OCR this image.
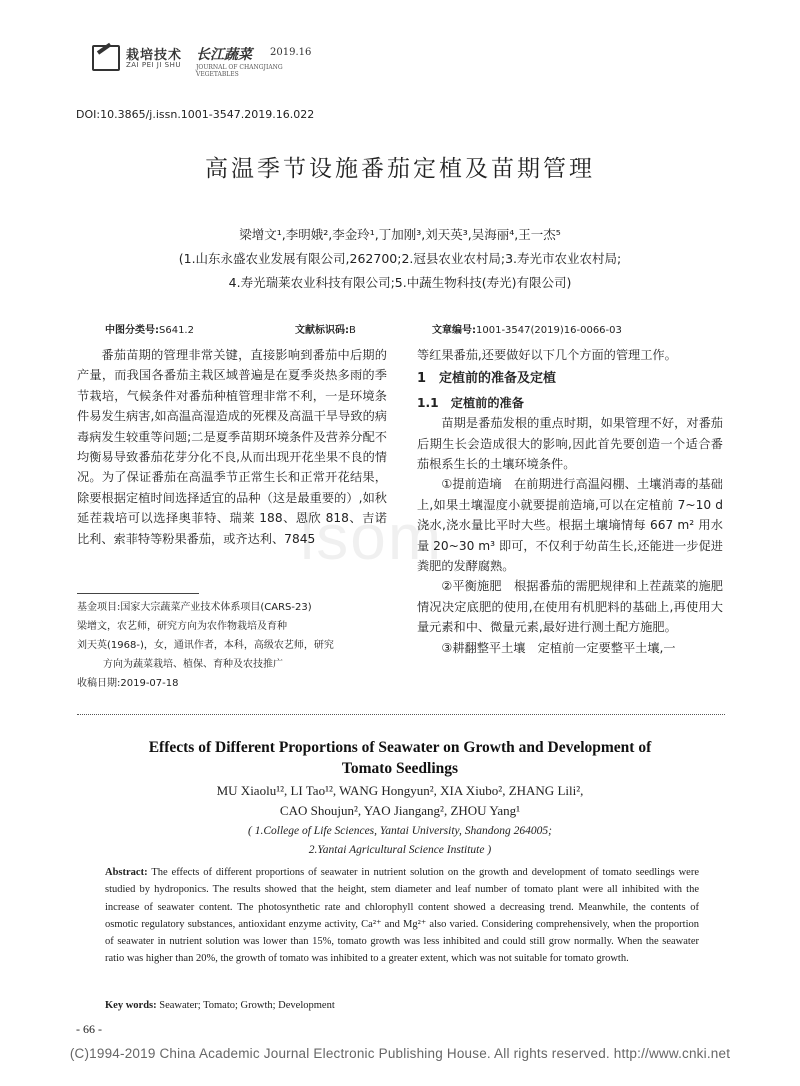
栽培技术
ZAI PEI JI SHU
长江蔬菜 2019.16
JOURNAL OF CHANGJIANG VEGETABLES
DOI:10.3865/j.issn.1001-3547.2019.16.022
高温季节设施番茄定植及苗期管理
梁增文¹,李明娥²,李金玲¹,丁加刚³,刘天英³,吴海丽⁴,王一杰⁵
(1.山东永盛农业发展有限公司,262700;2.冠县农业农村局;3.寿光市农业农村局;
4.寿光瑞莱农业科技有限公司;5.中蔬生物科技(寿光)有限公司)
中图分类号:S641.2	文献标识码:B	文章编号:1001-3547(2019)16-0066-03
lsom

番茄苗期的管理非常关键，直接影响到番茄中后期的产量，而我国各番茄主栽区域普遍是在夏季炎热多雨的季节栽培，气候条件对番茄种植管理非常不利，一是环境条件易发生病害,如高温高湿造成的死棵及高温干旱导致的病毒病发生较重等问题;二是夏季苗期环境条件及营养分配不均衡易导致番茄花芽分化不良,从而出现开花坐果不良的情况。为了保证番茄在高温季节正常生长和正常开花结果，除要根据定植时间选择适宜的品种（这是最重要的）,如秋延茬栽培可以选择奥菲特、瑞莱 188、恩欣 818、吉诺比利、索菲特等粉果番茄，或齐达利、7845

基金项目:国家大宗蔬菜产业技术体系项目(CARS-23)
梁增文，农艺师，研究方向为农作物栽培及育种
刘天英(1968-)，女，通讯作者，本科，高级农艺师，研究
方向为蔬菜栽培、植保、育种及农技推广
收稿日期:2019-07-18

等红果番茄,还要做好以下几个方面的管理工作。

1　定植前的准备及定植
1.1　定植前的准备

苗期是番茄发根的重点时期，如果管理不好，对番茄后期生长会造成很大的影响,因此首先要创造一个适合番茄根系生长的土壤环境条件。

①提前造墒　在前期进行高温闷棚、土壤消毒的基础上,如果土壤湿度小就要提前造墒,可以在定植前 7~10 d 浇水,浇水量比平时大些。根据土壤墒情每 667 m² 用水量 20~30 m³ 即可，不仅利于幼苗生长,还能进一步促进粪肥的发酵腐熟。

②平衡施肥　根据番茄的需肥规律和上茬蔬菜的施肥情况决定底肥的使用,在使用有机肥料的基础上,再使用大量元素和中、微量元素,最好进行测土配方施肥。

③耕翻整平土壤　定植前一定要整平土壤,一

Effects of Different Proportions of Seawater on Growth and Development of
Tomato Seedlings
MU Xiaolu¹², LI Tao¹², WANG Hongyun², XIA Xiubo², ZHANG Lili²,
CAO Shoujun², YAO Jiangang², ZHOU Yang¹
( 1.College of Life Sciences, Yantai University, Shandong 264005;
2.Yantai Agricultural Science Institute )
Abstract: The effects of different proportions of seawater in nutrient solution on the growth and development of tomato seedlings were studied by hydroponics. The results showed that the height, stem diameter and leaf number of tomato plant were all inhibited with the increase of seawater content. The photosynthetic rate and chlorophyll content showed a decreasing trend. Meanwhile, the contents of osmotic regulatory substances, antioxidant enzyme activity, Ca²⁺ and Mg²⁺ also varied. Considering comprehensively, when the proportion of seawater in nutrient solution was lower than 15%, tomato growth was less inhibited and could still grow normally. When the seawater ratio was higher than 20%, the growth of tomato was inhibited to a greater extent, which was not suitable for tomato growth.
Key words: Seawater; Tomato; Growth; Development
- 66 -
(C)1994-2019 China Academic Journal Electronic Publishing House. All rights reserved. http://www.cnki.net
